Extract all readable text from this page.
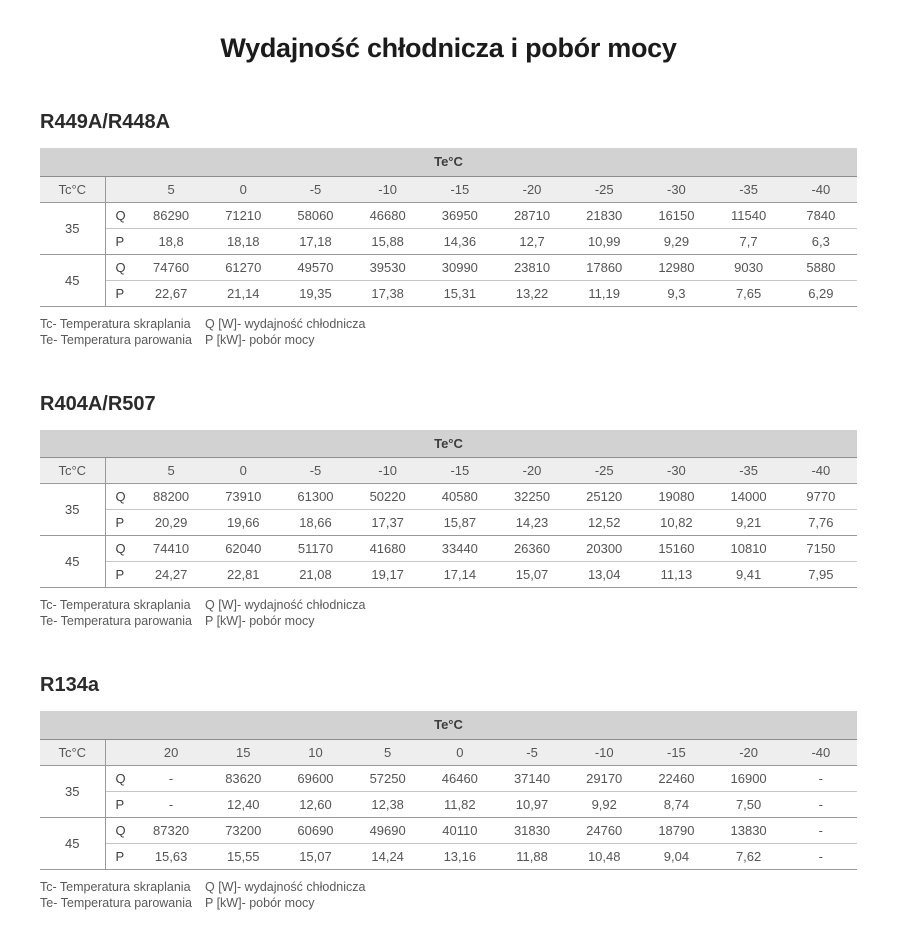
Wydajność chłodnicza i pobór mocy
R449A/R448A
Te°C											
Tc°C		5	0	-5	-10	-15	-20	-25	-30	-35	-40
35	Q	86290	71210	58060	46680	36950	28710	21830	16150	11540	7840
	P	18,8	18,18	17,18	15,88	14,36	12,7	10,99	9,29	7,7	6,3
45	Q	74760	61270	49570	39530	30990	23810	17860	12980	9030	5880
	P	22,67	21,14	19,35	17,38	15,31	13,22	11,19	9,3	7,65	6,29
Tc- Temperatura skraplania	Q [W]- wydajność chłodnicza
Te- Temperatura parowania	P [kW]- pobór mocy
R404A/R507
Te°C											
Tc°C		5	0	-5	-10	-15	-20	-25	-30	-35	-40
35	Q	88200	73910	61300	50220	40580	32250	25120	19080	14000	9770
	P	20,29	19,66	18,66	17,37	15,87	14,23	12,52	10,82	9,21	7,76
45	Q	74410	62040	51170	41680	33440	26360	20300	15160	10810	7150
	P	24,27	22,81	21,08	19,17	17,14	15,07	13,04	11,13	9,41	7,95
Tc- Temperatura skraplania	Q [W]- wydajność chłodnicza
Te- Temperatura parowania	P [kW]- pobór mocy
R134a
Te°C											
Tc°C		20	15	10	5	0	-5	-10	-15	-20	-40
35	Q	-	83620	69600	57250	46460	37140	29170	22460	16900	-
	P	-	12,40	12,60	12,38	11,82	10,97	9,92	8,74	7,50	-
45	Q	87320	73200	60690	49690	40110	31830	24760	18790	13830	-
	P	15,63	15,55	15,07	14,24	13,16	11,88	10,48	9,04	7,62	-
Tc- Temperatura skraplania	Q [W]- wydajność chłodnicza
Te- Temperatura parowania	P [kW]- pobór mocy
